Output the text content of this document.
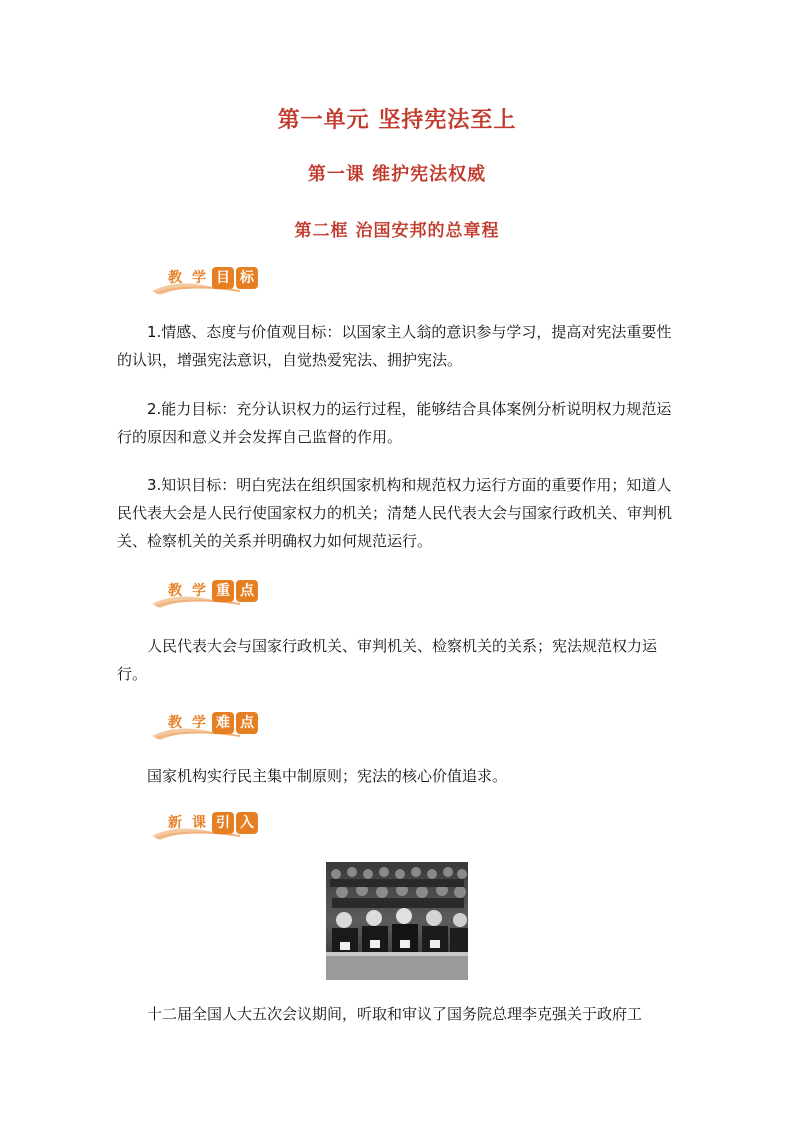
第一单元 坚持宪法至上
第一课 维护宪法权威
第二框 治国安邦的总章程
教 学 目 标
1.情感、态度与价值观目标：以国家主人翁的意识参与学习，提高对宪法重要性的认识，增强宪法意识，自觉热爱宪法、拥护宪法。
2.能力目标：充分认识权力的运行过程，能够结合具体案例分析说明权力规范运行的原因和意义并会发挥自己监督的作用。
3.知识目标：明白宪法在组织国家机构和规范权力运行方面的重要作用；知道人民代表大会是人民行使国家权力的机关；清楚人民代表大会与国家行政机关、审判机关、检察机关的关系并明确权力如何规范运行。
教 学 重 点
人民代表大会与国家行政机关、审判机关、检察机关的关系；宪法规范权力运行。
教 学 难 点
国家机构实行民主集中制原则；宪法的核心价值追求。
新 课 引 入
十二届全国人大五次会议期间，听取和审议了国务院总理李克强关于政府工
